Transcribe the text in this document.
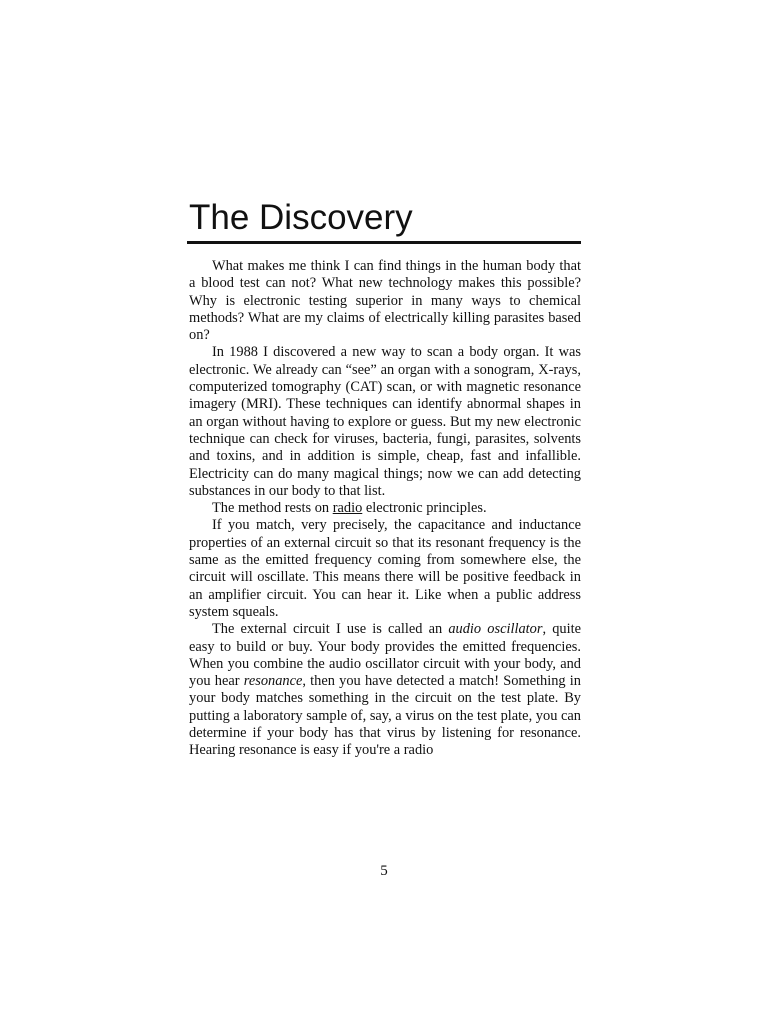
The Discovery

What makes me think I can find things in the human body that a blood test can not? What new technology makes this possible? Why is electronic testing superior in many ways to chemical methods? What are my claims of electrically killing parasites based on?

In 1988 I discovered a new way to scan a body organ. It was electronic. We already can “see” an organ with a sonogram, X-rays, computerized tomography (CAT) scan, or with magnetic resonance imagery (MRI). These techniques can identify abnormal shapes in an organ without having to explore or guess. But my new electronic technique can check for viruses, bacteria, fungi, parasites, solvents and toxins, and in addition is simple, cheap, fast and infallible. Electricity can do many magical things; now we can add detecting substances in our body to that list.

The method rests on radio electronic principles.

If you match, very precisely, the capacitance and inductance properties of an external circuit so that its resonant frequency is the same as the emitted frequency coming from somewhere else, the circuit will oscillate. This means there will be positive feedback in an amplifier circuit. You can hear it. Like when a public address system squeals.

The external circuit I use is called an audio oscillator, quite easy to build or buy. Your body provides the emitted frequencies. When you combine the audio oscillator circuit with your body, and you hear resonance, then you have detected a match! Something in your body matches something in the circuit on the test plate. By putting a laboratory sample of, say, a virus on the test plate, you can determine if your body has that virus by listening for resonance. Hearing resonance is easy if you're a radio

5
